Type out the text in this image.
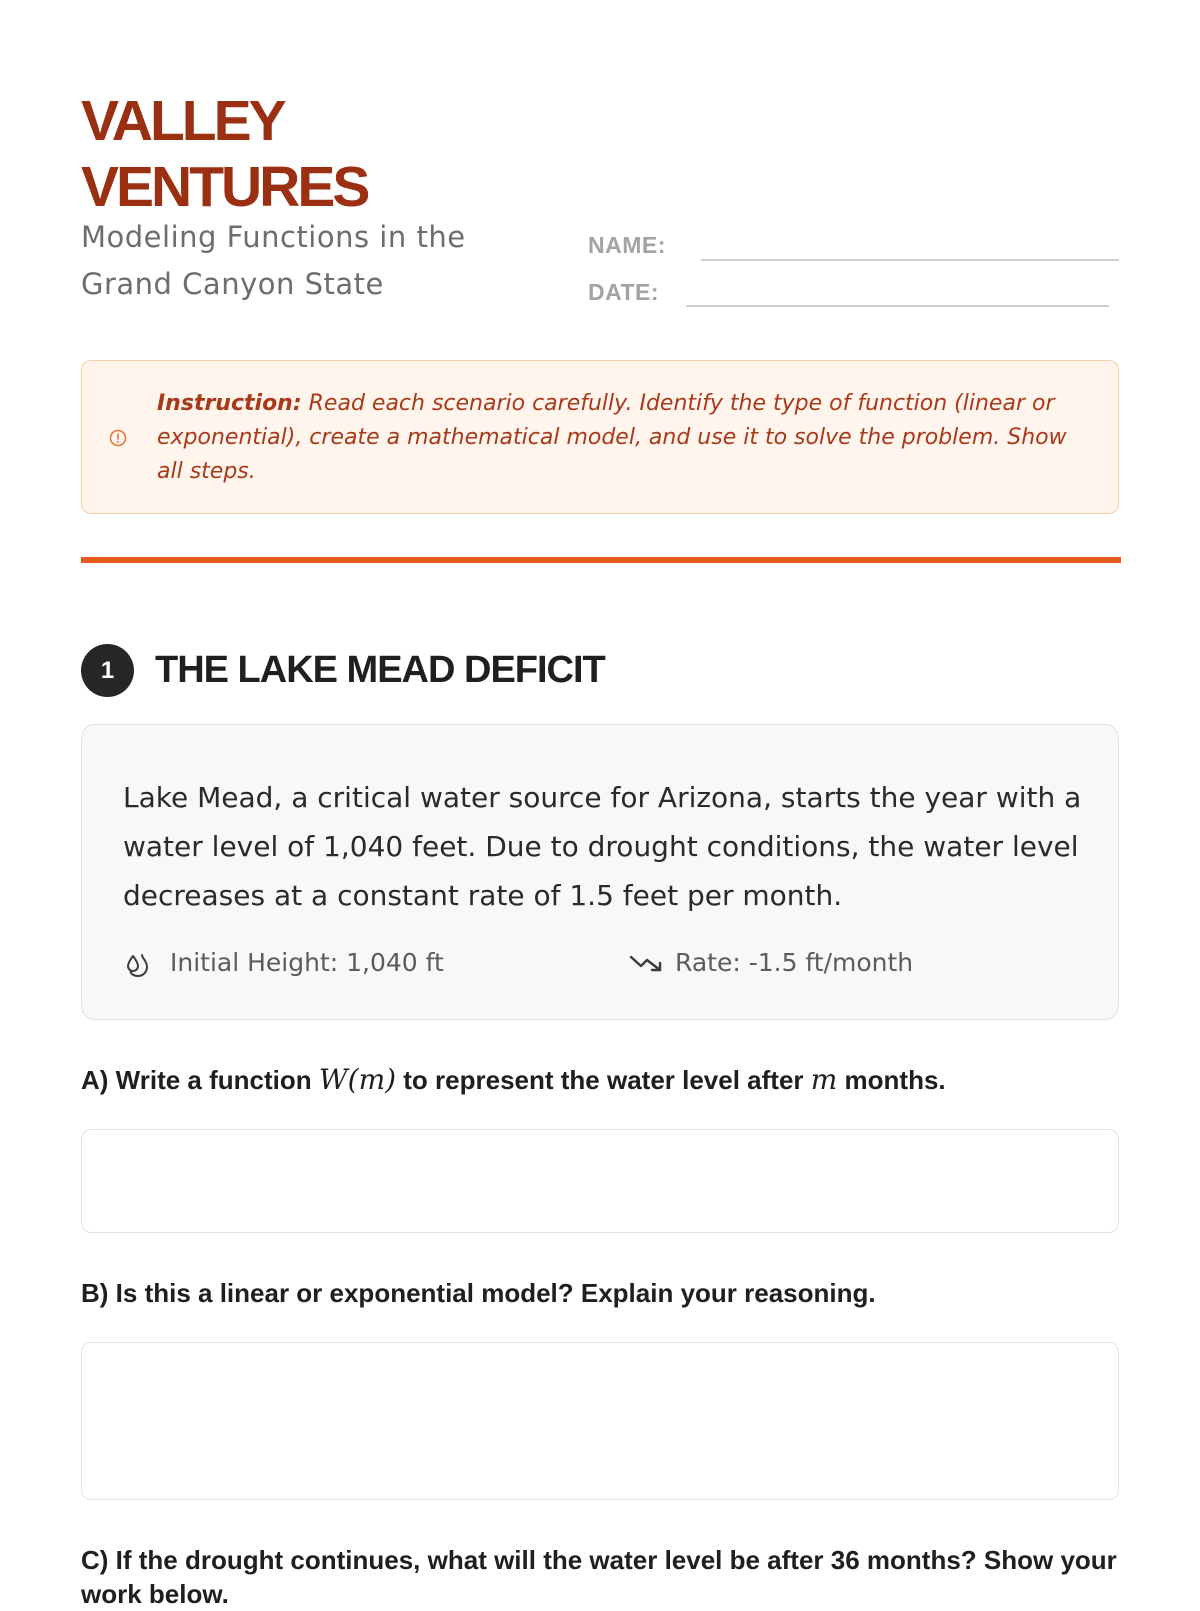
VALLEY
VENTURES

Modeling Functions in the
Grand Canyon State

NAME:
DATE:

Instruction: Read each scenario carefully. Identify the type of function (linear or exponential), create a mathematical model, and use it to solve the problem. Show all steps.

1	THE LAKE MEAD DEFICIT

Lake Mead, a critical water source for Arizona, starts the year with a water level of 1,040 feet. Due to drought conditions, the water level decreases at a constant rate of 1.5 feet per month.

Initial Height: 1,040 ft	Rate: -1.5 ft/month

A) Write a function W(m) to represent the water level after m months.

B) Is this a linear or exponential model? Explain your reasoning.

C) If the drought continues, what will the water level be after 36 months? Show your work below.
